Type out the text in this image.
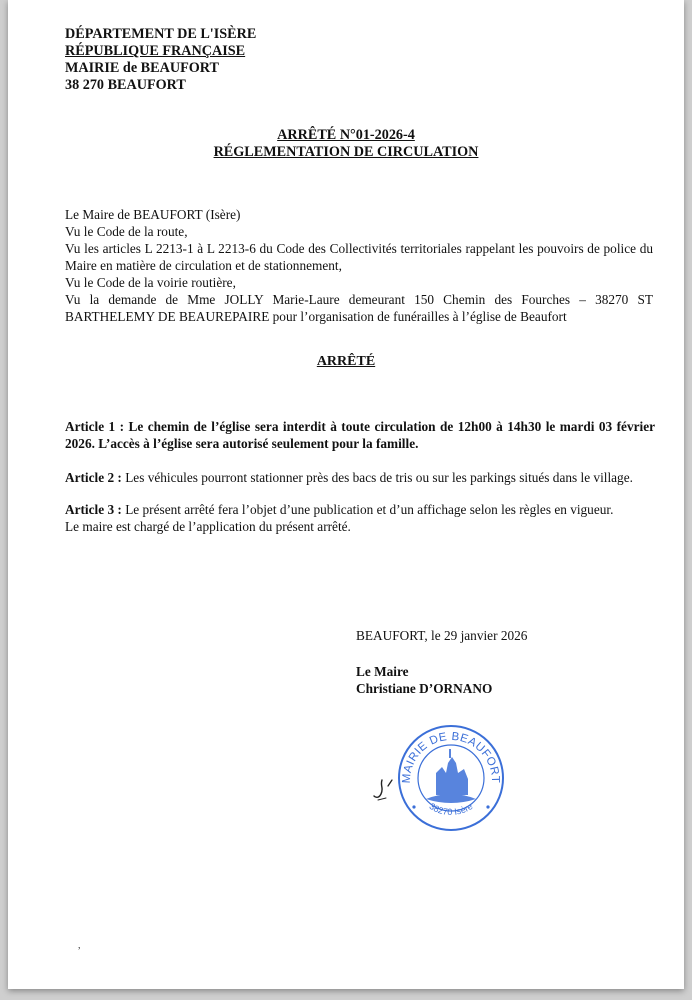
DÉPARTEMENT DE L'ISÈRE
RÉPUBLIQUE FRANÇAISE
MAIRIE de BEAUFORT
38 270 BEAUFORT
ARRÊTÉ N°01-2026-4
RÉGLEMENTATION DE CIRCULATION
Le Maire de BEAUFORT (Isère)
Vu le Code de la route,
Vu les articles L 2213-1 à L 2213-6 du Code des Collectivités territoriales rappelant les pouvoirs de police du Maire en matière de circulation et de stationnement,
Vu le Code de la voirie routière,
Vu la demande de Mme JOLLY Marie-Laure demeurant 150 Chemin des Fourches – 38270 ST BARTHELEMY DE BEAUREPAIRE pour l’organisation de funérailles à l’église de Beaufort
ARRÊTÉ
Article 1 : Le chemin de l’église sera interdit à toute circulation de 12h00 à 14h30 le mardi 03 février 2026. L’accès à l’église sera autorisé seulement pour la famille.
Article 2 : Les véhicules pourront stationner près des bacs de tris ou sur les parkings situés dans le village.
Article 3 : Le présent arrêté fera l’objet d’une publication et d’un affichage selon les règles en vigueur.
Le maire est chargé de l’application du présent arrêté.
BEAUFORT, le 29 janvier 2026
Le Maire
Christiane D’ORNANO
MAIRIE DE BEAUFORT
38270 Isère
,
